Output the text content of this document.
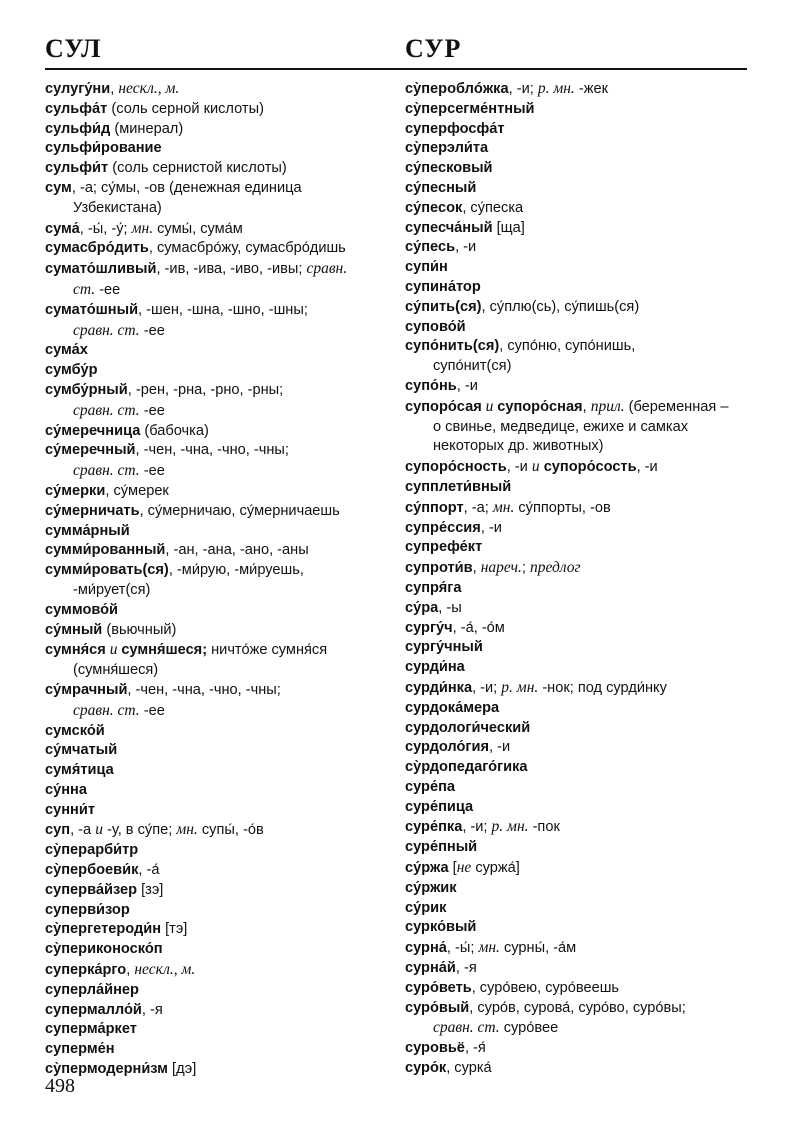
СУЛ	СУР

сулугу́ни, нескл., м.

сульфа́т (соль серной кислоты)

сульфи́д (минерал)

сульфи́рование

сульфи́т (соль сернистой кислоты)

сум, -а; су́мы, -ов (денежная единица

Узбекистана)

сума́, -ы́, -у́; мн. сумы́, сума́м

сумасбро́дить, сумасбро́жу, сумасбро́дишь

сумато́шливый, -ив, -ива, -иво, -ивы; сравн.

ст. -ее

сумато́шный, -шен, -шна, -шно, -шны;

сравн. ст. -ее

сума́х

сумбу́р

сумбу́рный, -рен, -рна, -рно, -рны;

сравн. ст. -ее

су́меречница (бабочка)

су́меречный, -чен, -чна, -чно, -чны;

сравн. ст. -ее

су́мерки, су́мерек

су́мерничать, су́мерничаю, су́мерничаешь

сумма́рный

сумми́рованный, -ан, -ана, -ано, -аны

сумми́ровать(ся), -ми́рую, -ми́руешь,

-ми́рует(ся)

суммово́й

су́мный (вьючный)

сумня́ся и сумня́шеся; ничто́же сумня́ся

(сумня́шеся)

су́мрачный, -чен, -чна, -чно, -чны;

сравн. ст. -ее

сумско́й

су́мчатый

сумя́тица

су́нна

сунни́т

суп, -а и -у, в су́пе; мн. супы́, -о́в

су̀перарби́тр

су̀пербоеви́к, -а́

суперва́йзер [зэ]

суперви́зор

су̀пергетероди́н [тэ]

су̀периконоско́п

суперка́рго, нескл., м.

суперла́йнер

супермалло́й, -я

суперма́ркет

суперме́н

су̀пермодерни́зм [дэ]

су̀пероблóжка, -и; р. мн. -жек

су̀персегме́нтный

суперфосфа́т

су̀перэли́та

су́песковый

су́песный

су́песок, су́песка

супесча́ный [ща]

су́песь, -и

супи́н

супина́тор

су́пить(ся), су́плю(сь), су́пишь(ся)

супово́й

супо́нить(ся), супо́ню, супо́нишь,

супо́нит(ся)

супо́нь, -и

супоро́сая и супоро́сная, прил. (беременная –

о свинье, медведице, ежихе и самках

некоторых др. животных)

супоро́сность, -и и супоро́сость, -и

супплети́вный

су́ппорт, -а; мн. су́ппорты, -ов

супре́ссия, -и

супрефе́кт

супроти́в, нареч.; предлог

супря́га

су́ра, -ы

сургу́ч, -а́, -о́м

сургу́чный

сурди́на

сурди́нка, -и; р. мн. -нок; под сурди́нку

сурдока́мера

сурдологи́ческий

сурдоло́гия, -и

су̀рдопедаго́гика

суре́па

суре́пица

суре́пка, -и; р. мн. -пок

суре́пный

су́ржа [не суржа́]

су́ржик

су́рик

сурко́вый

сурна́, -ы́; мн. сурны́, -а́м

сурна́й, -я

суро́веть, суро́вею, суро́веешь

суро́вый, суро́в, сурова́, суро́во, суро́вы;

сравн. ст. суро́вее

суровьё, -я́

суро́к, сурка́

498
